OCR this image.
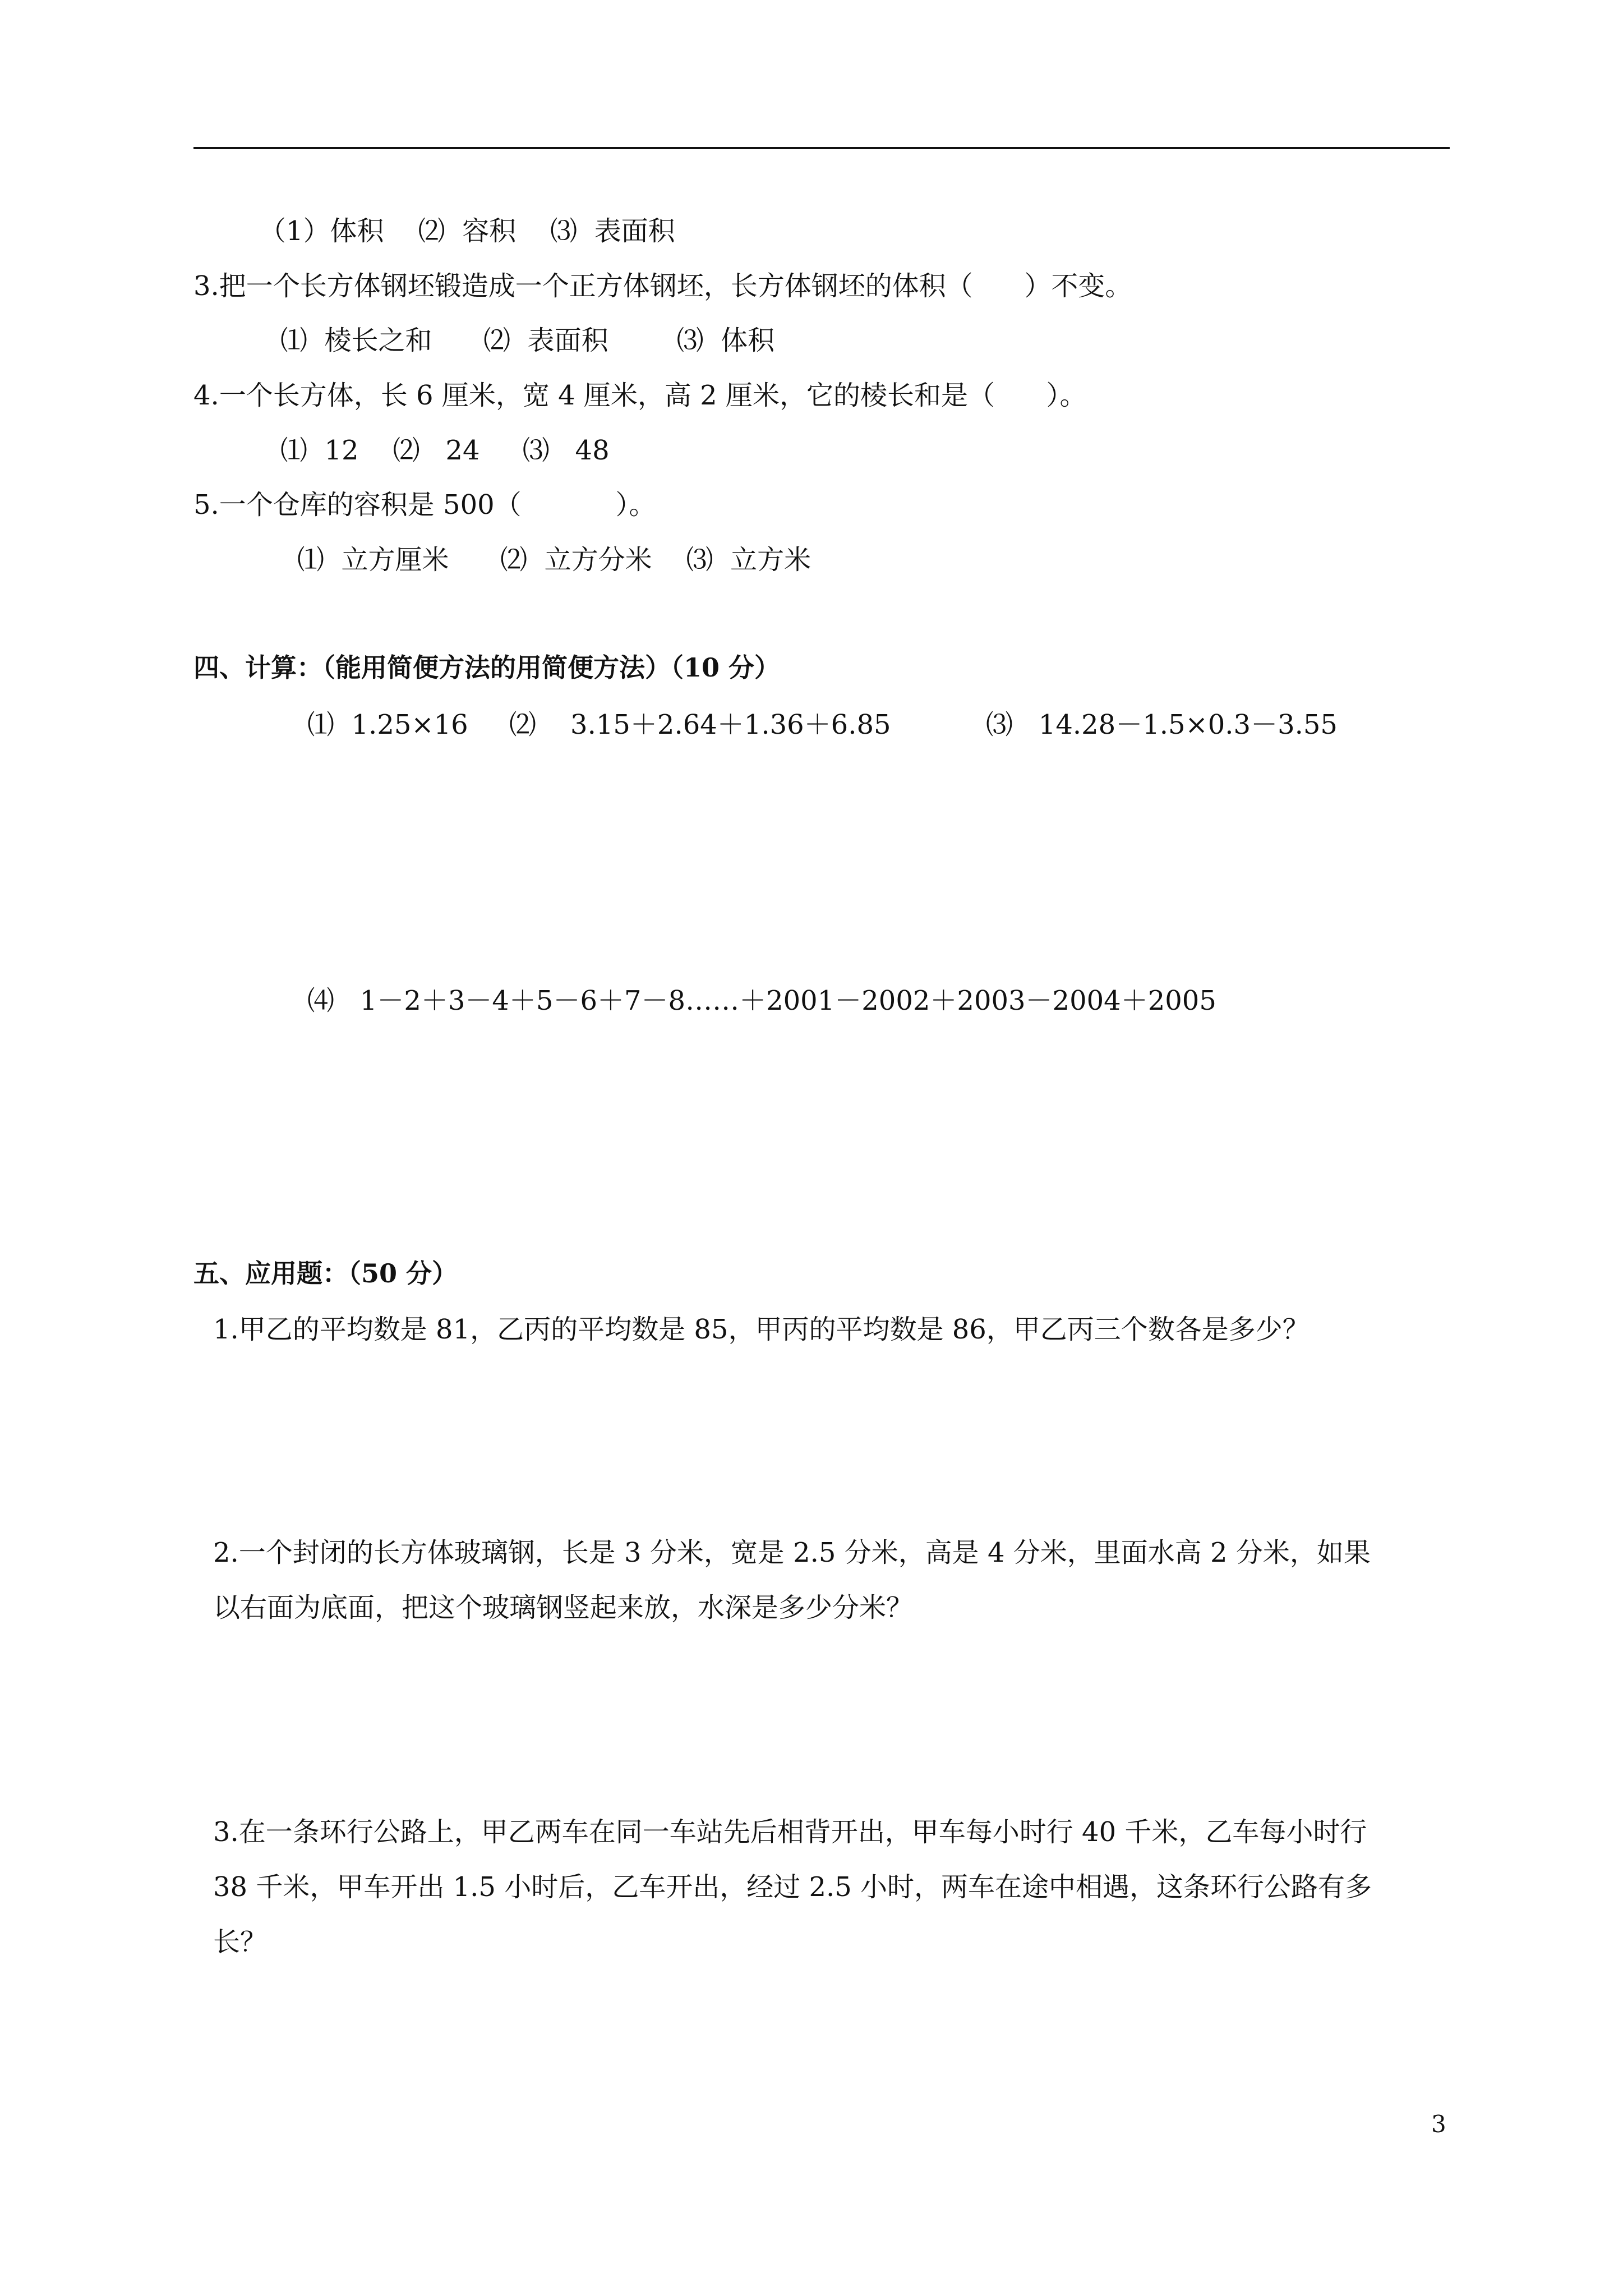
（1）体积    ⑵  容积    ⑶  表面积
3.把一个长方体钢坯锻造成一个正方体钢坯，长方体钢坯的体积（      ）不变。
⑴  棱长之和      ⑵  表面积        ⑶  体积
4.一个长方体，长 6 厘米，宽 4 厘米，高 2 厘米，它的棱长和是（      ）。
⑴  12    ⑵   24     ⑶   48
5.一个仓库的容积是 500（           ）。
⑴  立方厘米      ⑵  立方分米    ⑶  立方米
四、计算：（能用简便方法的用简便方法）（10 分）
⑴  1.25×16 ⑵    3.15＋2.64＋1.36＋6.85	⑶   14.28－1.5×0.3－3.55
⑷   1－2＋3－4＋5－6＋7－8……＋2001－2002＋2003－2004＋2005
五、应用题：（50 分）
1.甲乙的平均数是 81，乙丙的平均数是 85，甲丙的平均数是 86，甲乙丙三个数各是多少？
2.一个封闭的长方体玻璃钢，长是 3 分米，宽是 2.5 分米，高是 4 分米，里面水高 2 分米，如果
以右面为底面，把这个玻璃钢竖起来放，水深是多少分米？
3.在一条环行公路上，甲乙两车在同一车站先后相背开出，甲车每小时行 40 千米，乙车每小时行
38 千米，甲车开出 1.5 小时后，乙车开出，经过 2.5 小时，两车在途中相遇，这条环行公路有多
长？
3
